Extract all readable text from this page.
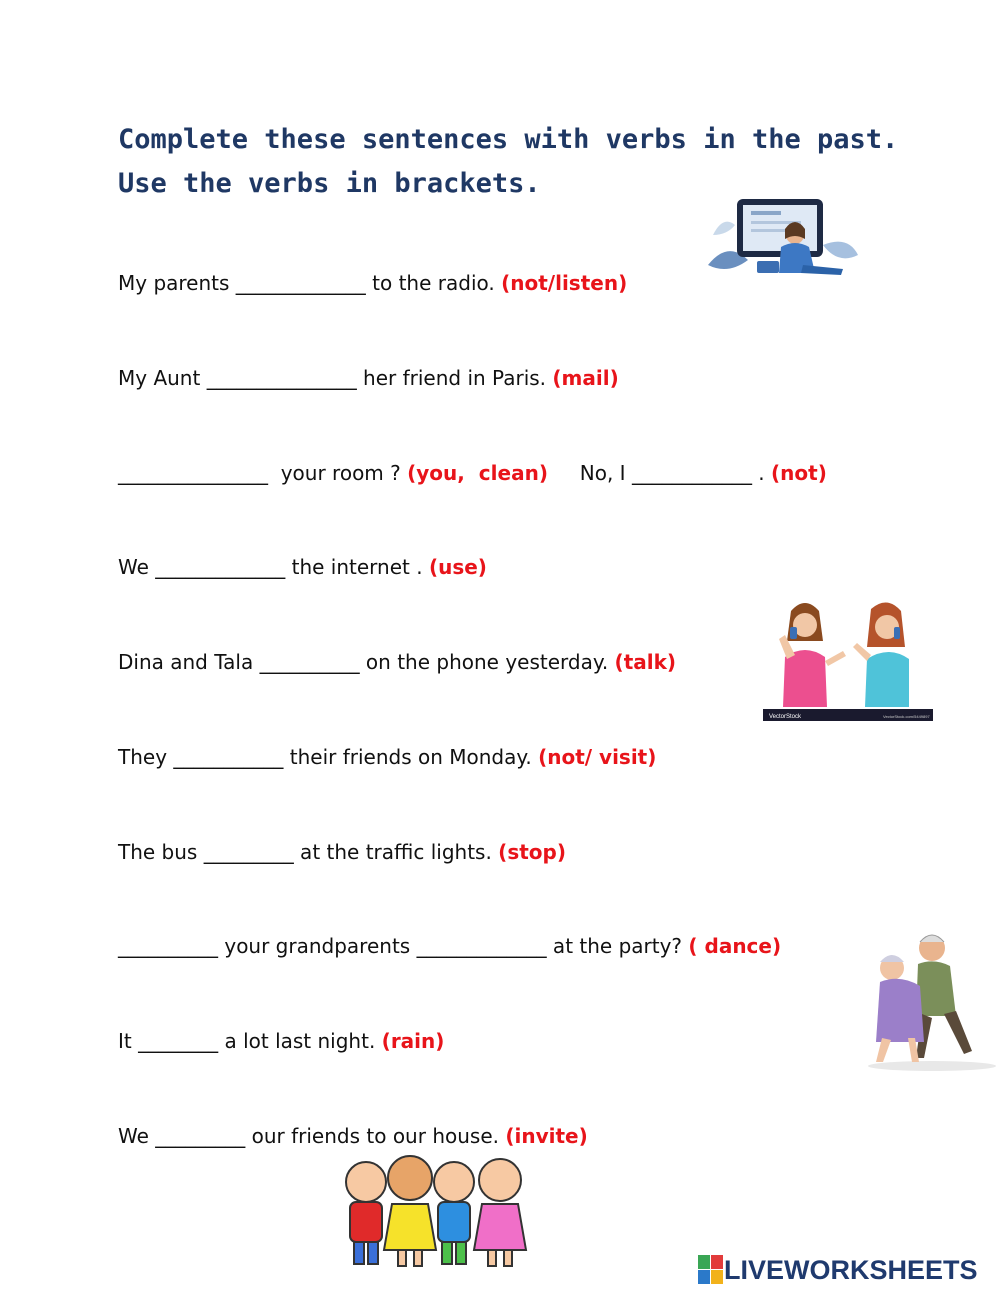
Complete these sentences with verbs in the past. Use the verbs in brackets.
My parents _____________ to the radio. (not/listen)
My Aunt _______________ her friend in Paris. (mail)
_______________  your room ? (you,  clean)     No, I ____________ . (not)
We _____________ the internet . (use)
Dina and Tala __________ on the phone yesterday. (talk)
They ___________ their friends on Monday. (not/ visit)
The bus _________ at the traffic lights. (stop)
__________ your grandparents _____________ at the party? ( dance)
It ________ a lot last night. (rain)
We _________ our friends to our house. (invite)
VectorStock	VectorStock.com/5449897
LIVEWORKSHEETS
